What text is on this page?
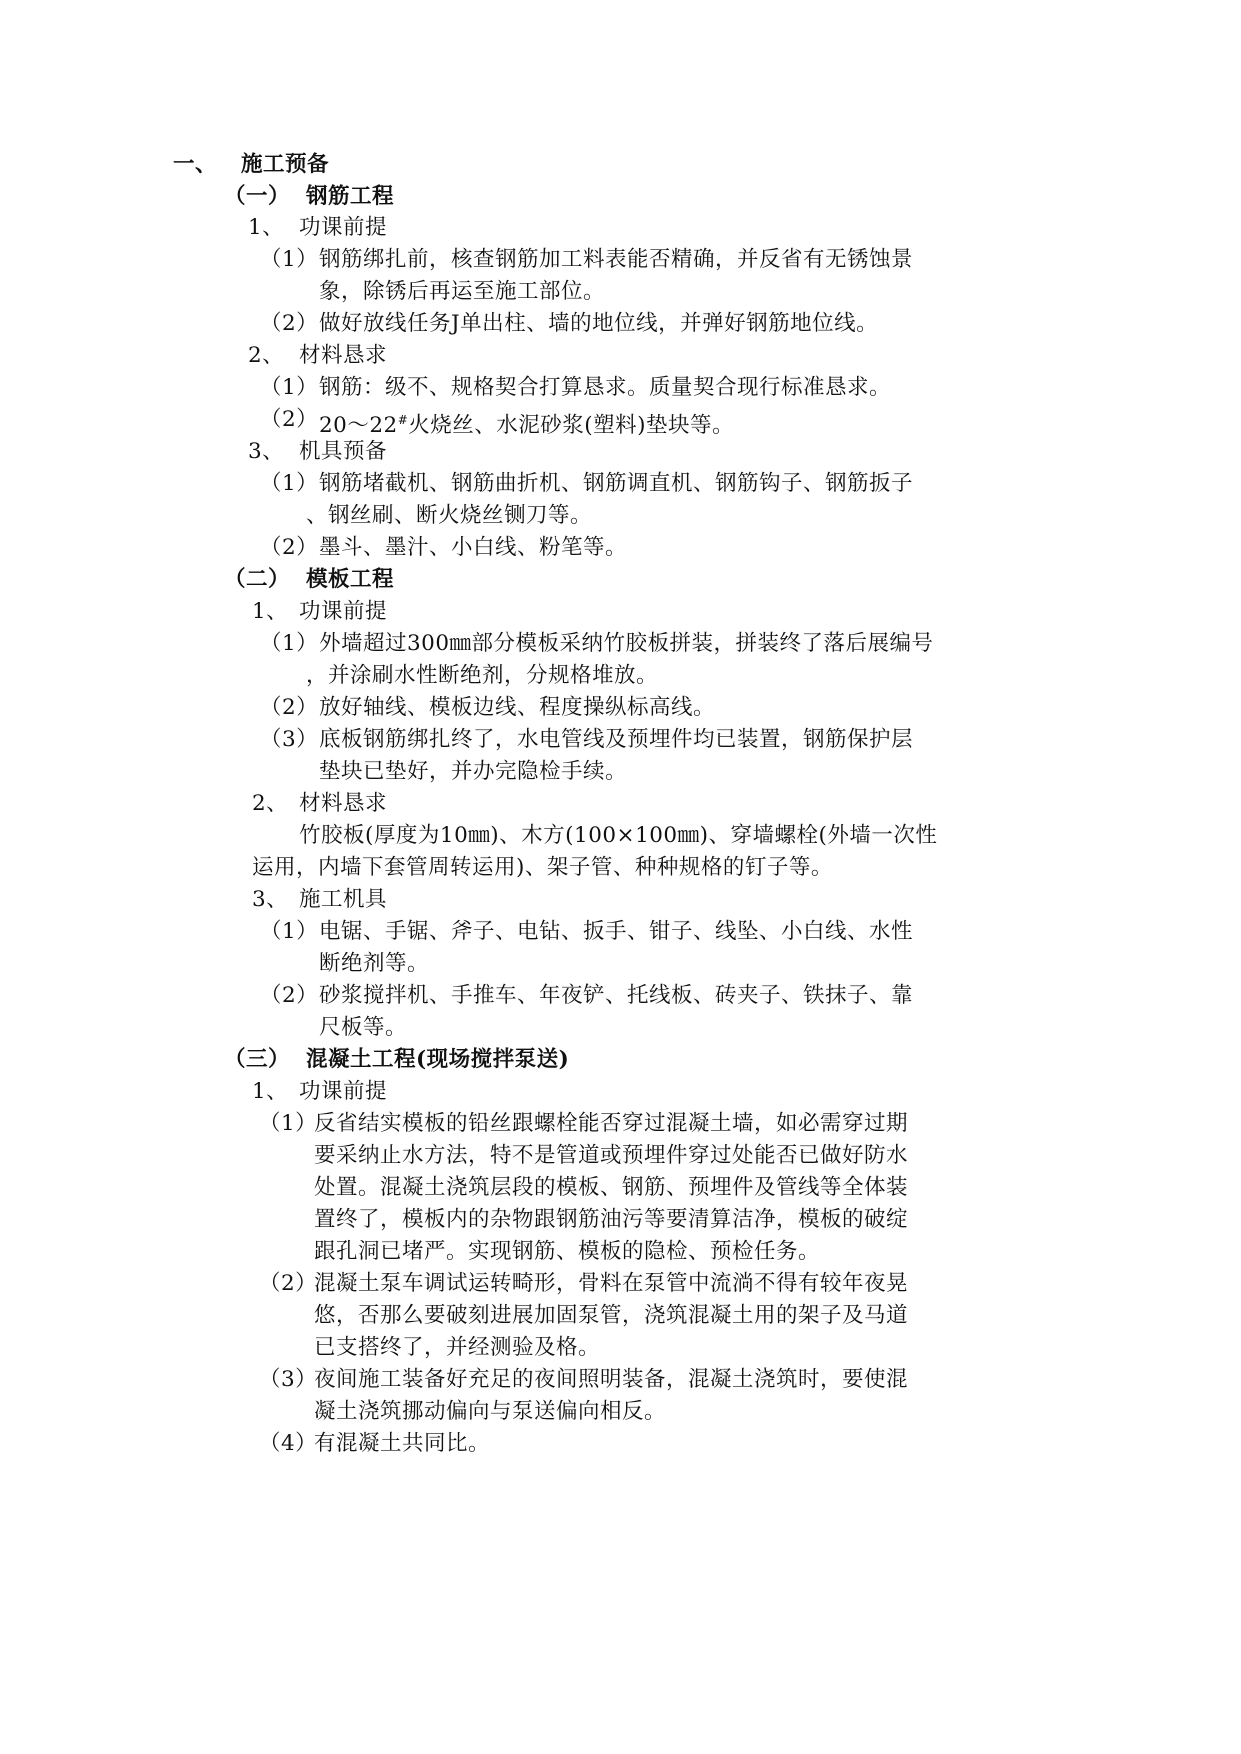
一、 施工预备
（一） 钢筋工程
1、 功课前提
（1） 钢筋绑扎前，核查钢筋加工料表能否精确，并反省有无锈蚀景
象，除锈后再运至施工部位。
（2） 做好放线任务J单出柱、墙的地位线，并弹好钢筋地位线。
2、 材料恳求
（1） 钢筋：级不、规格契合打算恳求。质量契合现行标准恳求。
（2） 20～22#火烧丝、水泥砂浆(塑料)垫块等。
3、 机具预备
（1） 钢筋堵截机、钢筋曲折机、钢筋调直机、钢筋钩子、钢筋扳子
、钢丝刷、断火烧丝铡刀等。
（2） 墨斗、墨汁、小白线、粉笔等。
（二） 模板工程
1、 功课前提
（1） 外墙超过300㎜部分模板采纳竹胶板拼装，拼装终了落后展编号
，并涂刷水性断绝剂，分规格堆放。
（2） 放好轴线、模板边线、程度操纵标高线。
（3） 底板钢筋绑扎终了，水电管线及预埋件均已装置，钢筋保护层
垫块已垫好，并办完隐检手续。
2、 材料恳求
竹胶板(厚度为10㎜)、木方(100×100㎜)、穿墙螺栓(外墙一次性
运用，内墙下套管周转运用)、架子管、种种规格的钉子等。
3、 施工机具
（1） 电锯、手锯、斧子、电钻、扳手、钳子、线坠、小白线、水性
断绝剂等。
（2） 砂浆搅拌机、手推车、年夜铲、托线板、砖夹子、铁抹子、靠
尺板等。
（三） 混凝土工程(现场搅拌泵送)
1、 功课前提
（1）
反省结实模板的铅丝跟螺栓能否穿过混凝土墙，如必需穿过期
要采纳止水方法，特不是管道或预埋件穿过处能否已做好防水
处置。混凝土浇筑层段的模板、钢筋、预埋件及管线等全体装
置终了，模板内的杂物跟钢筋油污等要清算洁净，模板的破绽
跟孔洞已堵严。实现钢筋、模板的隐检、预检任务。
（2）
混凝土泵车调试运转畸形，骨料在泵管中流淌不得有较年夜晃
悠，否那么要破刻进展加固泵管，浇筑混凝土用的架子及马道
已支搭终了，并经测验及格。
（3）
夜间施工装备好充足的夜间照明装备，混凝土浇筑时，要使混
凝土浇筑挪动偏向与泵送偏向相反。
（4）
有混凝土共同比。
